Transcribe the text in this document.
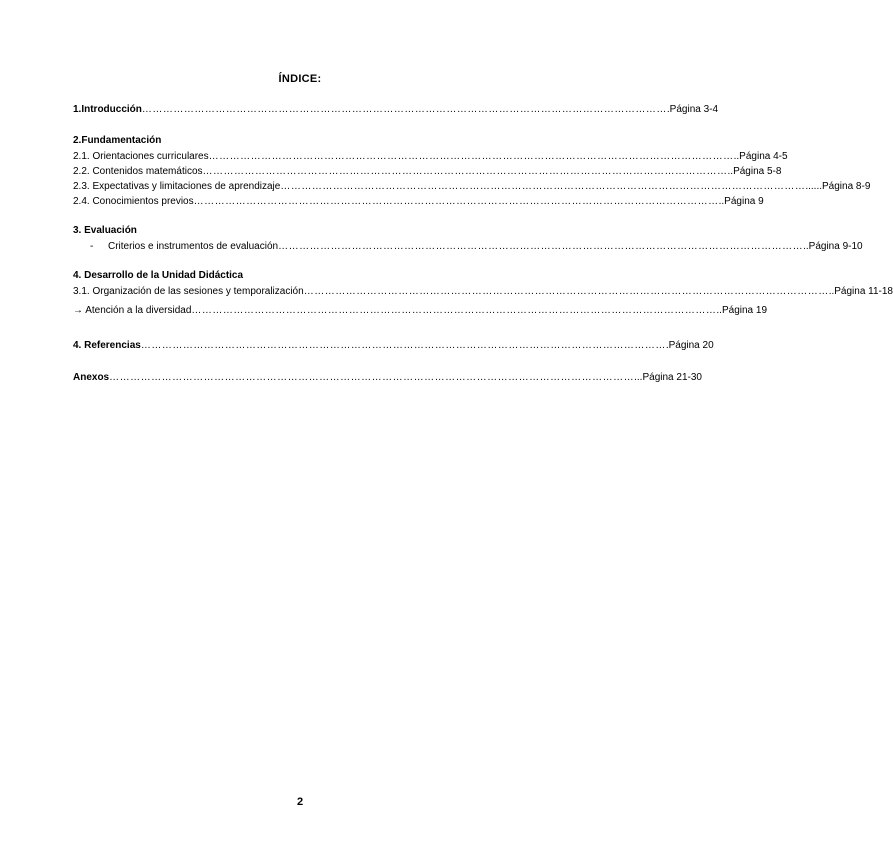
ÍNDICE:
1.Introducción …………………………………………………………………………………………………………………………………… .Página 3-4
2.Fundamentación
2.1. Orientaciones curriculares …………………………………………………………………………………………………………………………………… ..Página 4-5
2.2. Contenidos matemáticos …………………………………………………………………………………………………………………………………… ..Página 5-8
2.3. Expectativas y limitaciones de aprendizaje …………………………………………………………………………………………………………………………………… ......Página 8-9
2.4. Conocimientos previos …………………………………………………………………………………………………………………………………… ..Página 9
3. Evaluación
- Criterios e instrumentos de evaluación …………………………………………………………………………………………………………………………………… ..Página 9-10
4. Desarrollo de la Unidad Didáctica
3.1. Organización de las sesiones y temporalización …………………………………………………………………………………………………………………………………… ..Página 11-18
→ Atención a la diversidad …………………………………………………………………………………………………………………………………… ..Página 19
4. Referencias …………………………………………………………………………………………………………………………………… .Página 20
Anexos …………………………………………………………………………………………………………………………………… ...Página 21-30
2
